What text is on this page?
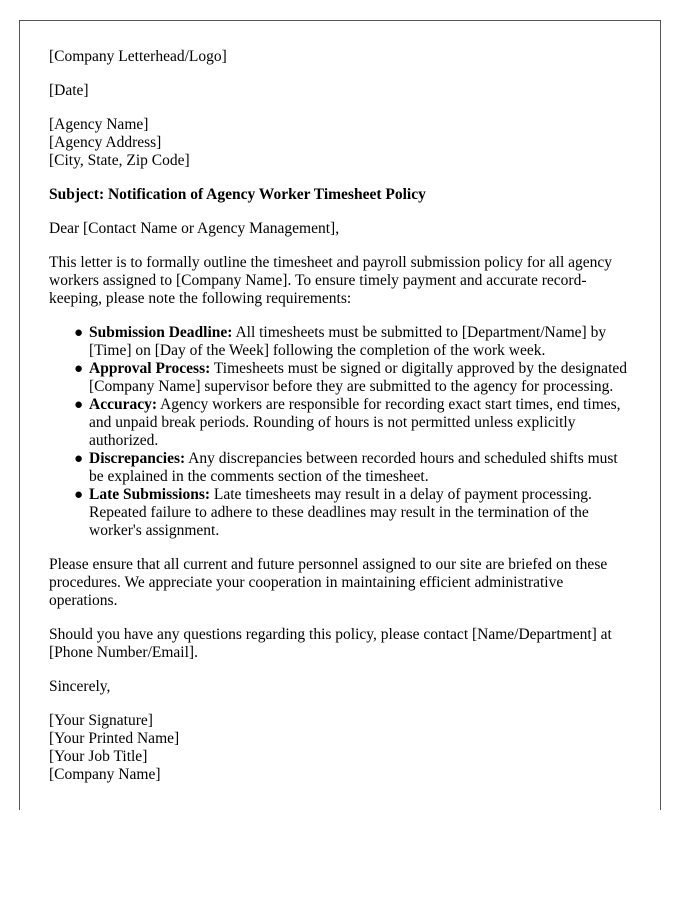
[Company Letterhead/Logo]

[Date]

[Agency Name]

[Agency Address]

[City, State, Zip Code]

Subject: Notification of Agency Worker Timesheet Policy

Dear [Contact Name or Agency Management],

This letter is to formally outline the timesheet and payroll submission policy for all agency workers assigned to [Company Name]. To ensure timely payment and accurate record-keeping, please note the following requirements:

● Submission Deadline: All timesheets must be submitted to [Department/Name] by [Time] on [Day of the Week] following the completion of the work week.
● Approval Process: Timesheets must be signed or digitally approved by the designated [Company Name] supervisor before they are submitted to the agency for processing.
● Accuracy: Agency workers are responsible for recording exact start times, end times, and unpaid break periods. Rounding of hours is not permitted unless explicitly authorized.
● Discrepancies: Any discrepancies between recorded hours and scheduled shifts must be explained in the comments section of the timesheet.
● Late Submissions: Late timesheets may result in a delay of payment processing. Repeated failure to adhere to these deadlines may result in the termination of the worker's assignment.

Please ensure that all current and future personnel assigned to our site are briefed on these procedures. We appreciate your cooperation in maintaining efficient administrative operations.

Should you have any questions regarding this policy, please contact [Name/Department] at [Phone Number/Email].

Sincerely,

[Your Signature]
[Your Printed Name]
[Your Job Title]
[Company Name]
